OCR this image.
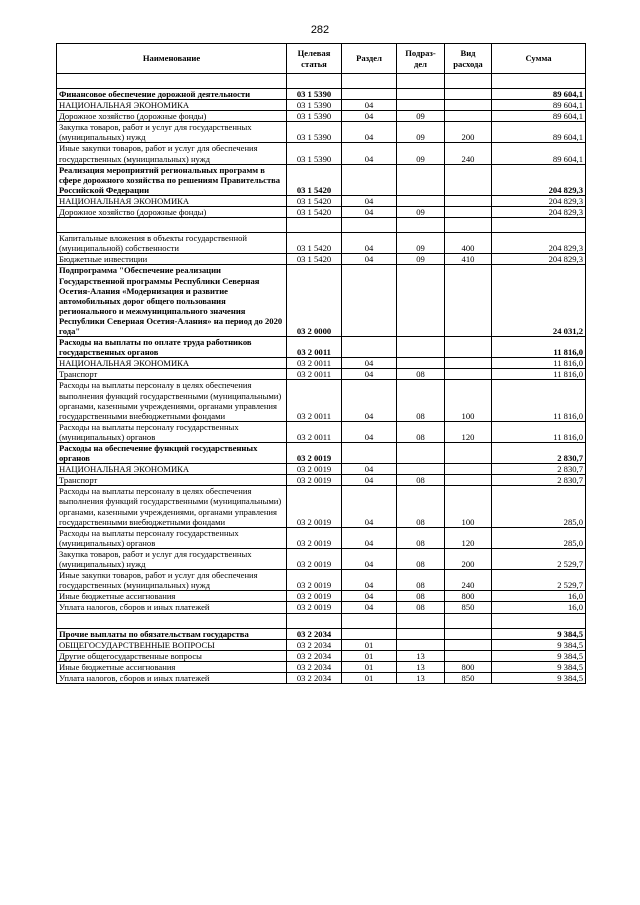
282
Наименование	Целевая статья	Раздел	Подраз- дел	Вид расхода	Сумма

Финансовое обеспечение дорожной деятельности	03 1 5390				89 604,1
НАЦИОНАЛЬНАЯ ЭКОНОМИКА	03 1 5390	04			89 604,1
Дорожное хозяйство (дорожные фонды)	03 1 5390	04	09		89 604,1
Закупка товаров, работ и услуг для государственных (муниципальных) нужд	03 1 5390	04	09	200	89 604,1
Иные закупки товаров, работ и услуг для обеспечения государственных (муниципальных) нужд	03 1 5390	04	09	240	89 604,1
Реализация мероприятий региональных программ в сфере дорожного хозяйства по решениям Правительства Российской Федерации	03 1 5420				204 829,3
НАЦИОНАЛЬНАЯ ЭКОНОМИКА	03 1 5420	04			204 829,3
Дорожное хозяйство (дорожные фонды)	03 1 5420	04	09		204 829,3

Капитальные вложения в объекты государственной (муниципальной) собственности	03 1 5420	04	09	400	204 829,3
Бюджетные инвестиции	03 1 5420	04	09	410	204 829,3
Подпрограмма "Обеспечение реализации Государственной программы Республики Северная Осетия-Алания «Модернизация и развитие автомобильных дорог общего пользования регионального и межмуниципального значения Республики Северная Осетия-Алания» на период до 2020 года"	03 2 0000				24 031,2
Расходы на выплаты по оплате труда работников государственных органов	03 2 0011				11 816,0
НАЦИОНАЛЬНАЯ ЭКОНОМИКА	03 2 0011	04			11 816,0
Транспорт	03 2 0011	04	08		11 816,0
Расходы на выплаты персоналу в целях обеспечения выполнения функций государственными (муниципальными) органами, казенными учреждениями, органами управления государственными внебюджетными фондами	03 2 0011	04	08	100	11 816,0
Расходы на выплаты персоналу государственных (муниципальных) органов	03 2 0011	04	08	120	11 816,0
Расходы на обеспечение функций государственных органов	03 2 0019				2 830,7
НАЦИОНАЛЬНАЯ ЭКОНОМИКА	03 2 0019	04			2 830,7
Транспорт	03 2 0019	04	08		2 830,7
Расходы на выплаты персоналу в целях обеспечения выполнения функций государственными (муниципальными) органами, казенными учреждениями, органами управления государственными внебюджетными фондами	03 2 0019	04	08	100	285,0
Расходы на выплаты персоналу государственных (муниципальных) органов	03 2 0019	04	08	120	285,0
Закупка товаров, работ и услуг для государственных (муниципальных) нужд	03 2 0019	04	08	200	2 529,7
Иные закупки товаров, работ и услуг для обеспечения государственных (муниципальных) нужд	03 2 0019	04	08	240	2 529,7
Иные бюджетные ассигнования	03 2 0019	04	08	800	16,0
Уплата налогов, сборов и иных платежей	03 2 0019	04	08	850	16,0

Прочие выплаты по обязательствам государства	03 2 2034				9 384,5
ОБЩЕГОСУДАРСТВЕННЫЕ ВОПРОСЫ	03 2 2034	01			9 384,5
Другие общегосударственные вопросы	03 2 2034	01	13		9 384,5
Иные бюджетные ассигнования	03 2 2034	01	13	800	9 384,5
Уплата налогов, сборов и иных платежей	03 2 2034	01	13	850	9 384,5
